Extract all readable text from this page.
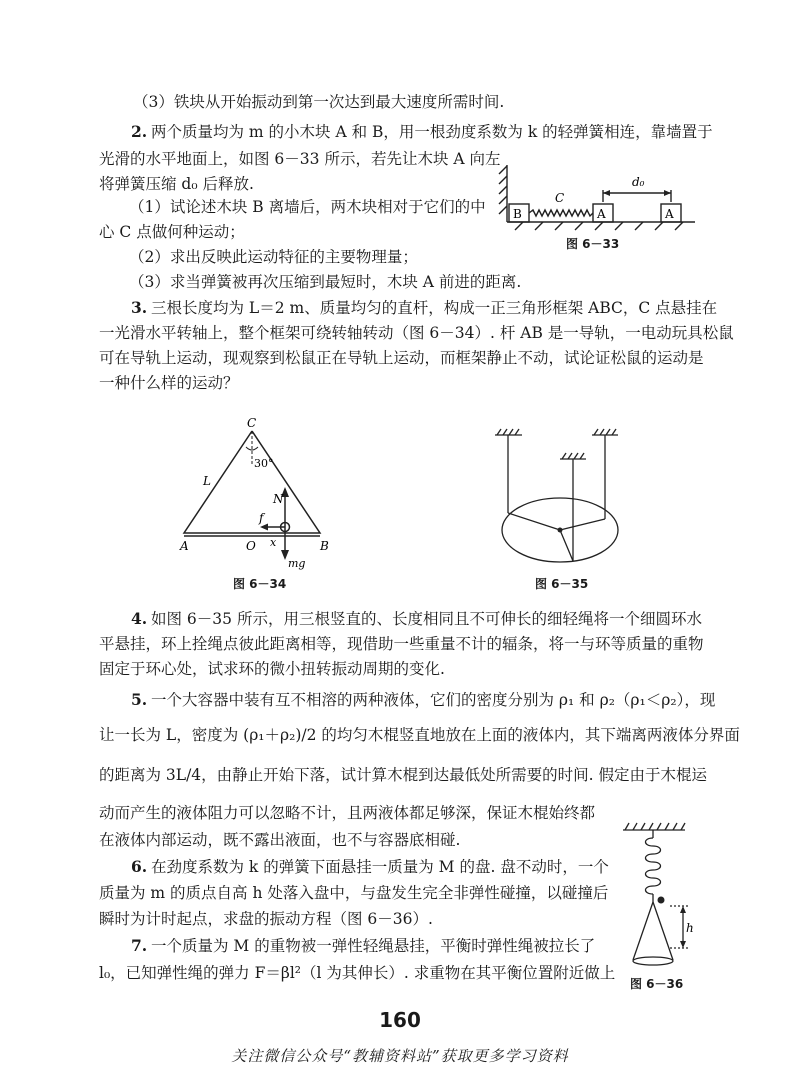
（3）铁块从开始振动到第一次达到最大速度所需时间.
2. 两个质量均为 m 的小木块 A 和 B，用一根劲度系数为 k 的轻弹簧相连，靠墙置于
光滑的水平地面上，如图 6－33 所示，若先让木块 A 向左
将弹簧压缩 d₀ 后释放.
（1）试论述木块 B 离墙后，两木块相对于它们的中
心 C 点做何种运动；
（2）求出反映此运动特征的主要物理量；
（3）求当弹簧被再次压缩到最短时，木块 A 前进的距离.
3. 三根长度均为 L＝2 m、质量均匀的直杆，构成一正三角形框架 ABC，C 点悬挂在
一光滑水平转轴上，整个框架可绕转轴转动（图 6－34）. 杆 AB 是一导轨，一电动玩具松鼠
可在导轨上运动，现观察到松鼠正在导轨上运动，而框架静止不动，试论证松鼠的运动是
一种什么样的运动？
4. 如图 6－35 所示，用三根竖直的、长度相同且不可伸长的细轻绳将一个细圆环水
平悬挂，环上拴绳点彼此距离相等，现借助一些重量不计的辐条，将一与环等质量的重物
固定于环心处，试求环的微小扭转振动周期的变化.
5. 一个大容器中装有互不相溶的两种液体，它们的密度分别为 ρ₁ 和 ρ₂（ρ₁＜ρ₂），现
让一长为 L，密度为 (ρ₁＋ρ₂)/2 的均匀木棍竖直地放在上面的液体内，其下端离两液体分界面
的距离为 3L/4，由静止开始下落，试计算木棍到达最低处所需要的时间. 假定由于木棍运
动而产生的液体阻力可以忽略不计，且两液体都足够深，保证木棍始终都
在液体内部运动，既不露出液面，也不与容器底相碰.
6. 在劲度系数为 k 的弹簧下面悬挂一质量为 M 的盘. 盘不动时，一个
质量为 m 的质点自高 h 处落入盘中，与盘发生完全非弹性碰撞，以碰撞后
瞬时为计时起点，求盘的振动方程（图 6－36）.
7. 一个质量为 M 的重物被一弹性轻绳悬挂，平衡时弹性绳被拉长了
l₀，已知弹性绳的弹力 F＝βl²（l 为其伸长）. 求重物在其平衡位置附近做上
B
C
A	A
d₀
图 6－33
C
30°
L
N
f
A	O x	B
mg
图 6－34	图 6－35
h
图 6－36
160
关注微信公众号“教辅资料站”获取更多学习资料
